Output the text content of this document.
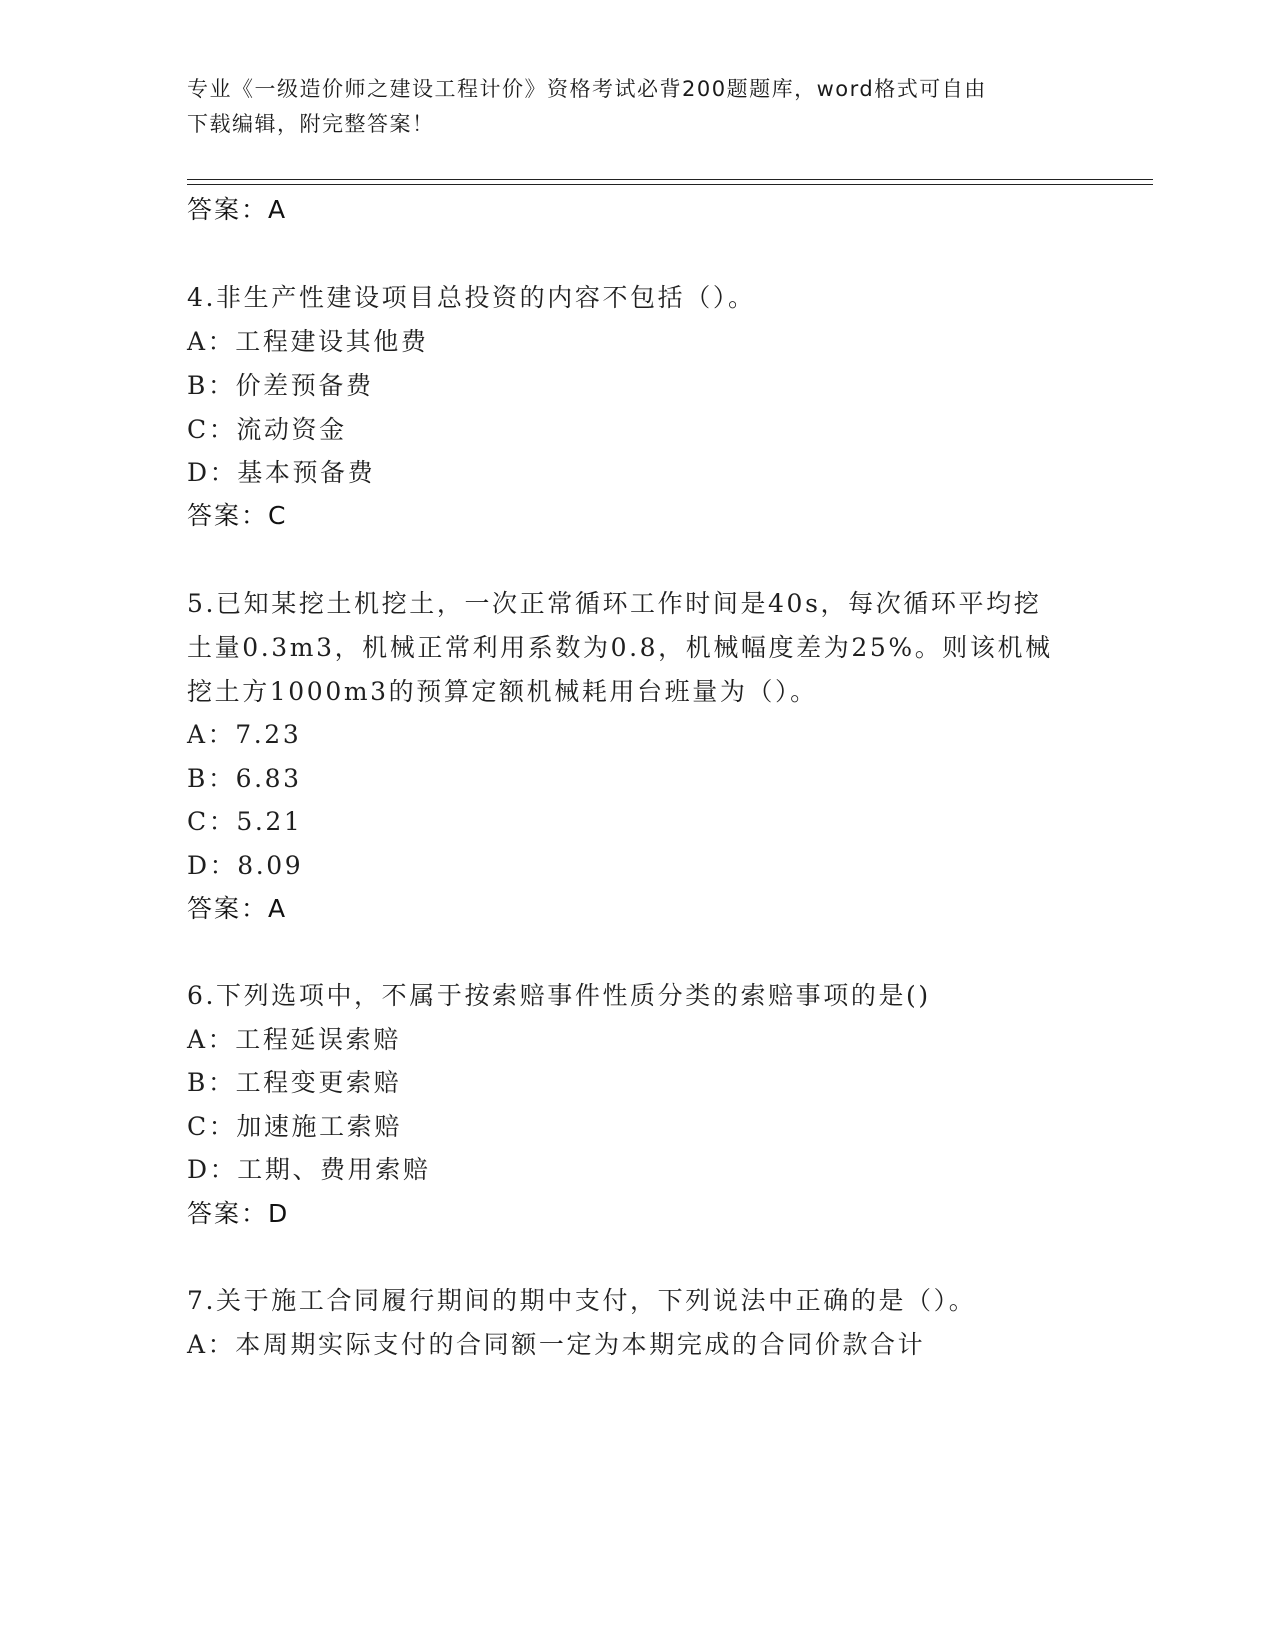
专业《一级造价师之建设工程计价》资格考试必背200题题库，word格式可自由
下载编辑，附完整答案！
答案：A
4.非生产性建设项目总投资的内容不包括（）。
A：工程建设其他费
B：价差预备费
C：流动资金
D：基本预备费
答案：C
5.已知某挖土机挖土，一次正常循环工作时间是40s，每次循环平均挖
土量0.3m3，机械正常利用系数为0.8，机械幅度差为25%。则该机械
挖土方1000m3的预算定额机械耗用台班量为（）。
A：7.23
B：6.83
C：5.21
D：8.09
答案：A
6.下列选项中，不属于按索赔事件性质分类的索赔事项的是()
A：工程延误索赔
B：工程变更索赔
C：加速施工索赔
D：工期、费用索赔
答案：D
7.关于施工合同履行期间的期中支付，下列说法中正确的是（）。
A：本周期实际支付的合同额一定为本期完成的合同价款合计
